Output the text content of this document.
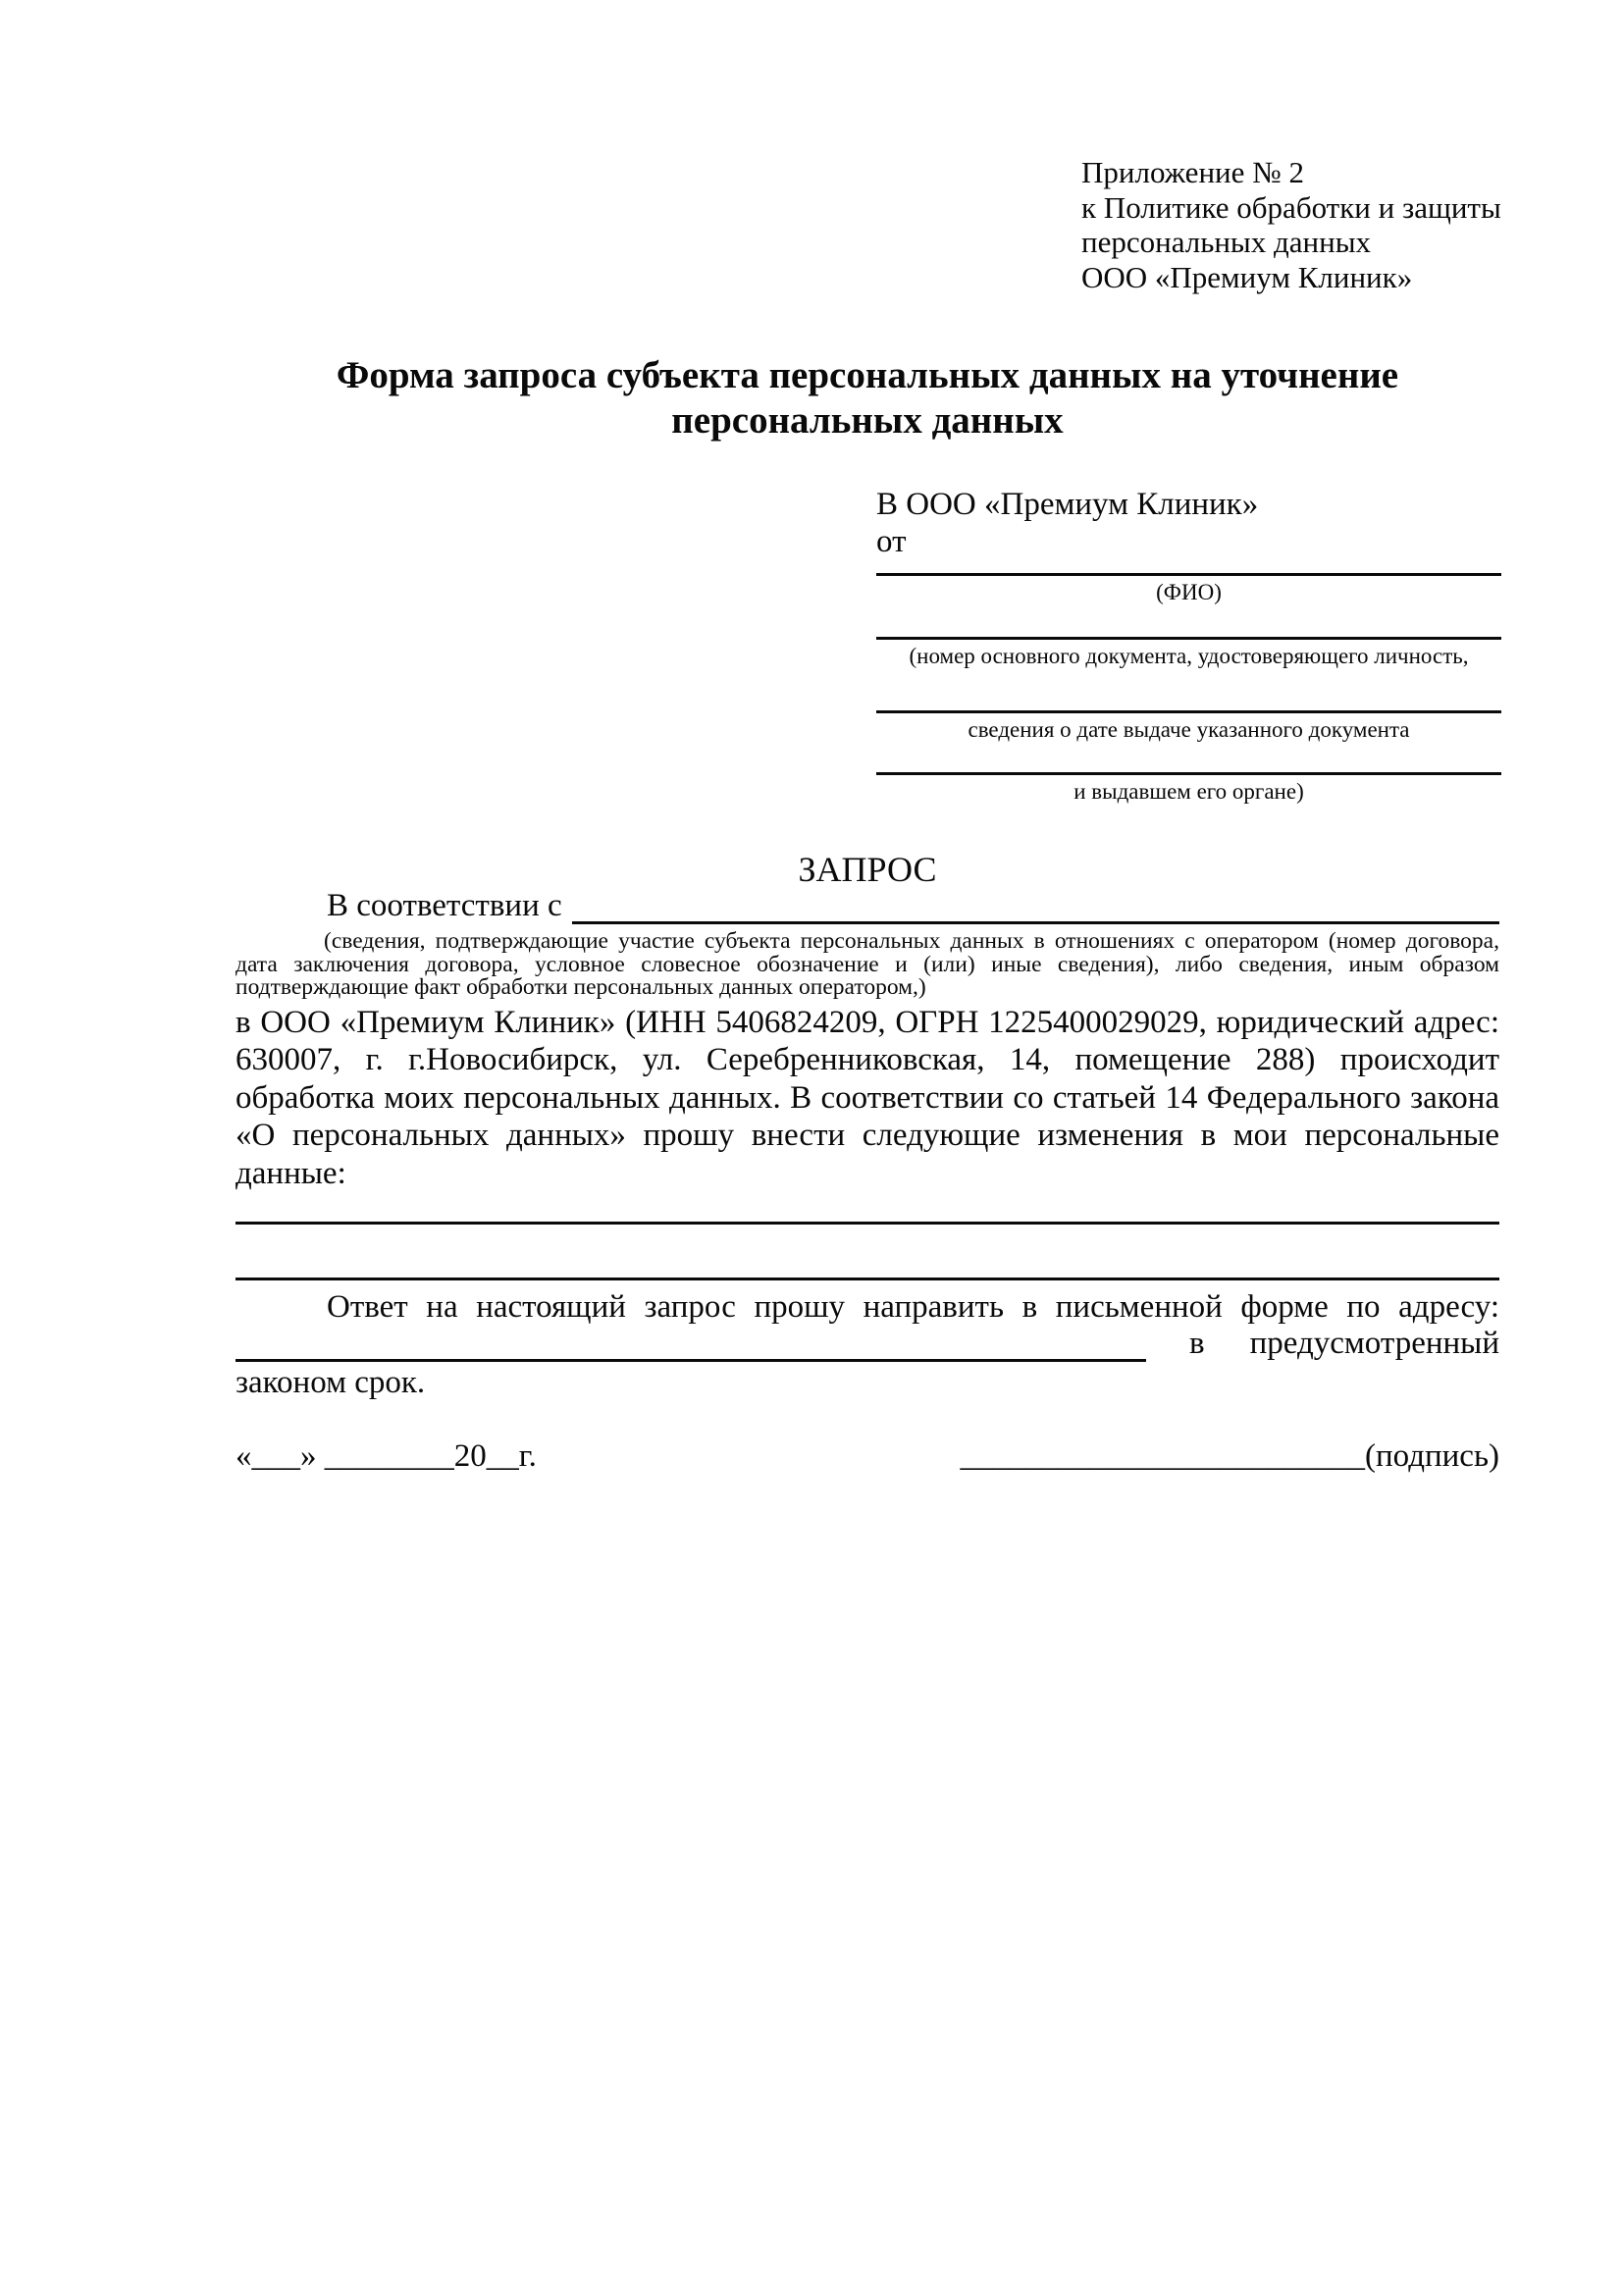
Приложение № 2
к Политике обработки и защиты
персональных данных
ООО «Премиум Клиник»
Форма запроса субъекта персональных данных на уточнение персональных данных
В ООО «Премиум Клиник»
от
(ФИО)
(номер основного документа, удостоверяющего личность,
сведения о дате выдаче указанного документа
и выдавшем его органе)
ЗАПРОС
В соответствии с
(сведения, подтверждающие участие субъекта персональных данных в отношениях с оператором (номер договора, дата заключения договора, условное словесное обозначение и (или) иные сведения), либо сведения, иным образом подтверждающие факт обработки персональных данных оператором,)
в ООО «Премиум Клиник» (ИНН 5406824209, ОГРН 1225400029029, юридический адрес: 630007, г. г.Новосибирск, ул. Серебренниковская, 14, помещение 288) происходит обработка моих персональных данных. В соответствии со статьей 14 Федерального закона «О персональных данных» прошу внести следующие изменения в мои персональные данные:
Ответ на настоящий запрос прошу направить в письменной форме по адресу:
в предусмотренный
законом срок.
«___» ________20__г.	_________________________(подпись)
